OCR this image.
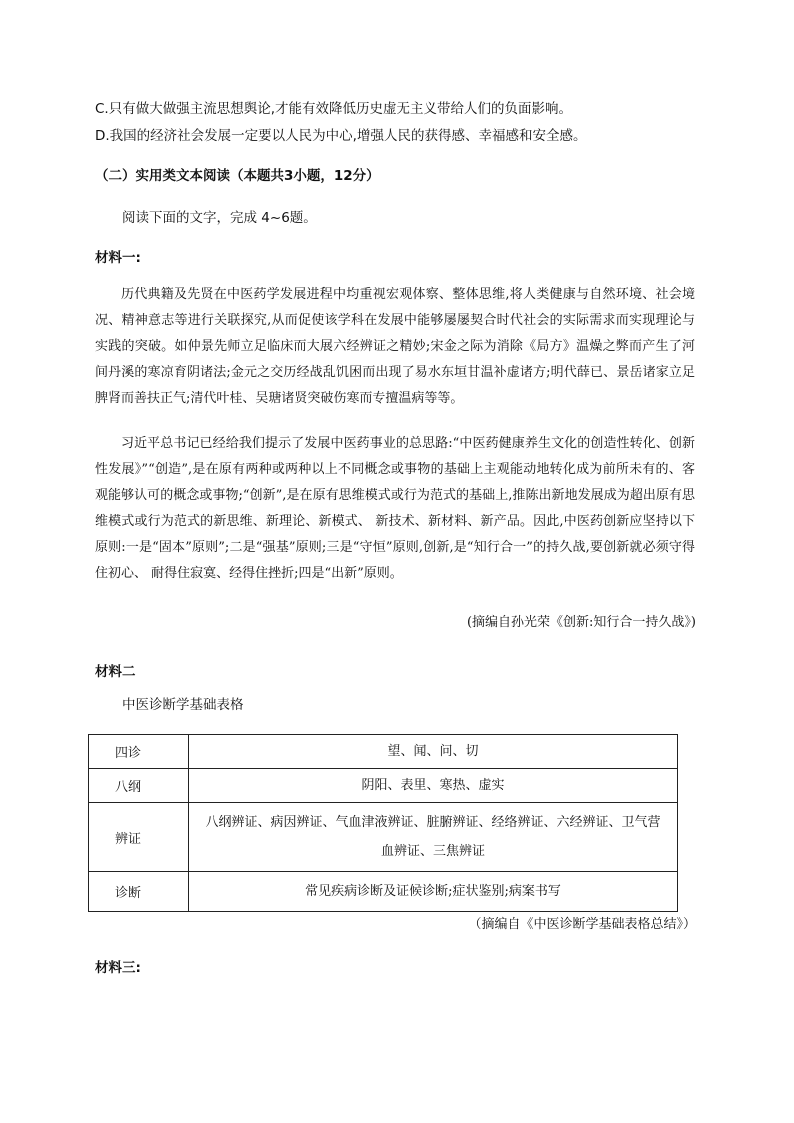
C.只有做大做强主流思想舆论,才能有效降低历史虚无主义带给人们的负面影响。
D.我国的经济社会发展一定要以人民为中心,增强人民的获得感、幸福感和安全感。
（二）实用类文本阅读（本题共3小题，12分）
阅读下面的文字，完成 4~6题。
材料一:
历代典籍及先贤在中医药学发展进程中均重视宏观体察、整体思维,将人类健康与自然环境、社会境况、精神意志等进行关联探究,从而促使该学科在发展中能够屡屡契合时代社会的实际需求而实现理论与实践的突破。如仲景先师立足临床而大展六经辨证之精妙;宋金之际为消除《局方》温燥之弊而产生了河间丹溪的寒凉育阴诸法;金元之交历经战乱饥困而出现了易水东垣甘温补虚诸方;明代薛已、景岳诸家立足脾肾而善扶正气;清代叶桂、吴瑭诸贤突破伤寒而专擅温病等等。
习近平总书记已经给我们提示了发展中医药事业的总思路:“中医药健康养生文化的创造性转化、创新性发展》”“创造”,是在原有两种或两种以上不同概念或事物的基础上主观能动地转化成为前所未有的、客观能够认可的概念或事物;“创新”,是在原有思维模式或行为范式的基础上,推陈出新地发展成为超出原有思维模式或行为范式的新思维、新理论、新模式、 新技术、新材料、新产品。因此,中医药创新应坚持以下原则:一是“固本”原则”;二是“强基”原则;三是“守恒”原则,创新,是“知行合一”的持久战,要创新就必须守得住初心、 耐得住寂寞、经得住挫折;四是“出新”原则。
(摘编自孙光荣《创新:知行合一持久战》)
材料二
中医诊断学基础表格
四诊	望、闻、问、切
八纲	阴阳、表里、寒热、虚实
辨证	八纲辨证、病因辨证、气血津液辨证、脏腑辨证、经络辨证、六经辨证、卫气营血辨证、三焦辨证
诊断	常见疾病诊断及证候诊断;症状鉴别;病案书写
（摘编自《中医诊断学基础表格总结》）
材料三:
